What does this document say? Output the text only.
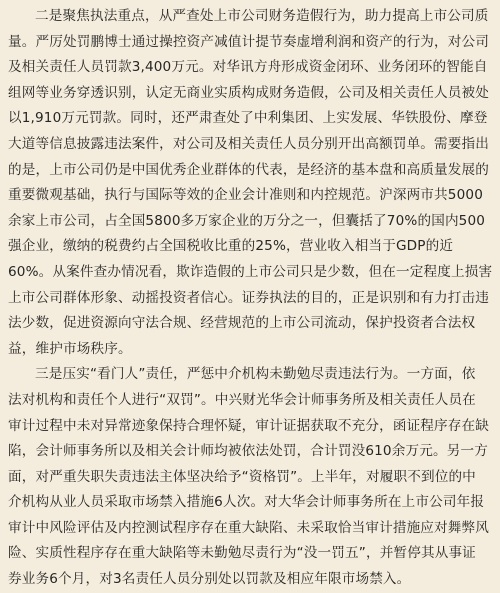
二是聚焦执法重点，从严查处上市公司财务造假行为，助力提高上市公司质
量。严厉处罚鹏博士通过操控资产减值计提节奏虚增利润和资产的行为，对公司
及相关责任人员罚款3,400万元。对华讯方舟形成资金闭环、业务闭环的智能自
组网等业务穿透识别，认定无商业实质构成财务造假，公司及相关责任人员被处
以1,910万元罚款。同时，还严肃查处了中利集团、上实发展、华铁股份、摩登
大道等信息披露违法案件，对公司及相关责任人员分别开出高额罚单。需要指出
的是，上市公司仍是中国优秀企业群体的代表，是经济的基本盘和高质量发展的
重要微观基础，执行与国际等效的企业会计准则和内控规范。沪深两市共5000
余家上市公司，占全国5800多万家企业的万分之一，但囊括了70%的国内500
强企业，缴纳的税费约占全国税收比重的25%，营业收入相当于GDP的近
60%。从案件查办情况看，欺诈造假的上市公司只是少数，但在一定程度上损害
上市公司群体形象、动摇投资者信心。证券执法的目的，正是识别和有力打击违
法少数，促进资源向守法合规、经营规范的上市公司流动，保护投资者合法权
益，维护市场秩序。
三是压实“看门人”责任，严惩中介机构未勤勉尽责违法行为。一方面，依
法对机构和责任个人进行“双罚”。中兴财光华会计师事务所及相关责任人员在
审计过程中未对异常迹象保持合理怀疑，审计证据获取不充分，函证程序存在缺
陷，会计师事务所以及相关会计师均被依法处罚，合计罚没610余万元。另一方
面，对严重失职失责违法主体坚决给予“资格罚”。上半年，对履职不到位的中
介机构从业人员采取市场禁入措施6人次。对大华会计师事务所在上市公司年报
审计中风险评估及内控测试程序存在重大缺陷、未采取恰当审计措施应对舞弊风
险、实质性程序存在重大缺陷等未勤勉尽责行为“没一罚五”，并暂停其从事证
券业务6个月，对3名责任人员分别处以罚款及相应年限市场禁入。
